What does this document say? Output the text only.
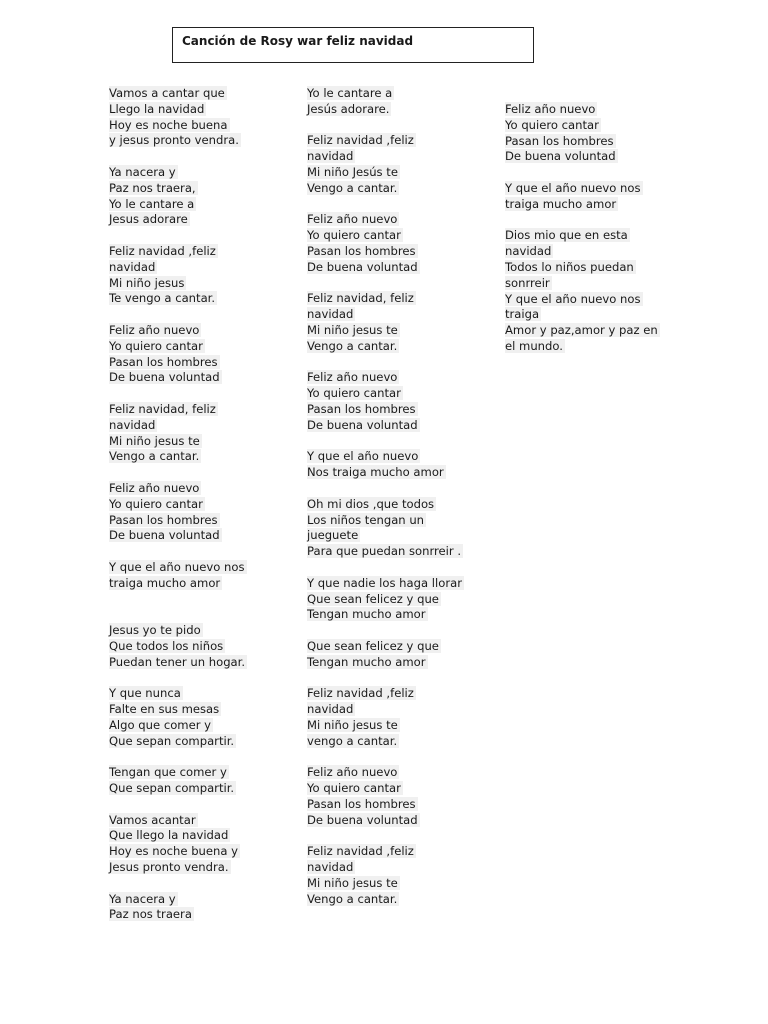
Canción de Rosy war feliz navidad
Vamos a cantar que
Llego la navidad
Hoy es noche buena
y jesus pronto vendra.
Ya nacera y
Paz nos traera,
Yo le cantare a
Jesus adorare
Feliz navidad ,feliz
navidad
Mi niño jesus
Te vengo a cantar.
Feliz año nuevo
Yo quiero cantar
Pasan los hombres
De buena voluntad
Feliz navidad, feliz
navidad
Mi niño jesus te
Vengo a cantar.
Feliz año nuevo
Yo quiero cantar
Pasan los hombres
De buena voluntad
Y que el año nuevo nos
traiga mucho amor
Jesus yo te pido
Que todos los niños
Puedan tener un hogar.
Y que nunca
Falte en sus mesas
Algo que comer y
Que sepan compartir.
Tengan que comer y
Que sepan compartir.
Vamos acantar
Que llego la navidad
Hoy es noche buena y
Jesus pronto vendra.
Ya nacera y
Paz nos traera
Yo le cantare a
Jesús adorare.
Feliz navidad ,feliz
navidad
Mi niño Jesús te
Vengo a cantar.
Feliz año nuevo
Yo quiero cantar
Pasan los hombres
De buena voluntad
Feliz navidad, feliz
navidad
Mi niño jesus te
Vengo a cantar.
Feliz año nuevo
Yo quiero cantar
Pasan los hombres
De buena voluntad
Y que el año nuevo
Nos traiga mucho amor
Oh mi dios ,que todos
Los niños tengan un
jueguete
Para que puedan sonrreir .
Y que nadie los haga llorar
Que sean felicez y que
Tengan mucho amor
Que sean felicez y que
Tengan mucho amor
Feliz navidad ,feliz
navidad
Mi niño jesus te
vengo a cantar.
Feliz año nuevo
Yo quiero cantar
Pasan los hombres
De buena voluntad
Feliz navidad ,feliz
navidad
Mi niño jesus te
Vengo a cantar.
Feliz año nuevo
Yo quiero cantar
Pasan los hombres
De buena voluntad
Y que el año nuevo nos
traiga mucho amor
Dios mio que en esta
navidad
Todos lo niños puedan
sonrreir
Y que el año nuevo nos
traiga
Amor y paz,amor y paz en
el mundo.
